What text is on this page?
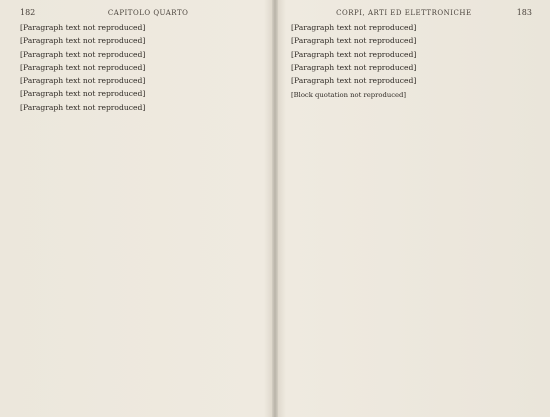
182	CAPITOLO QUARTO

[Paragraph text not reproduced]

[Paragraph text not reproduced]

[Paragraph text not reproduced]

[Paragraph text not reproduced]

[Paragraph text not reproduced]

[Paragraph text not reproduced]

[Paragraph text not reproduced]

CORPI, ARTI ED ELETTRONICHE	183

[Paragraph text not reproduced]

[Paragraph text not reproduced]

[Paragraph text not reproduced]

[Paragraph text not reproduced]

[Paragraph text not reproduced]

[Block quotation not reproduced]
